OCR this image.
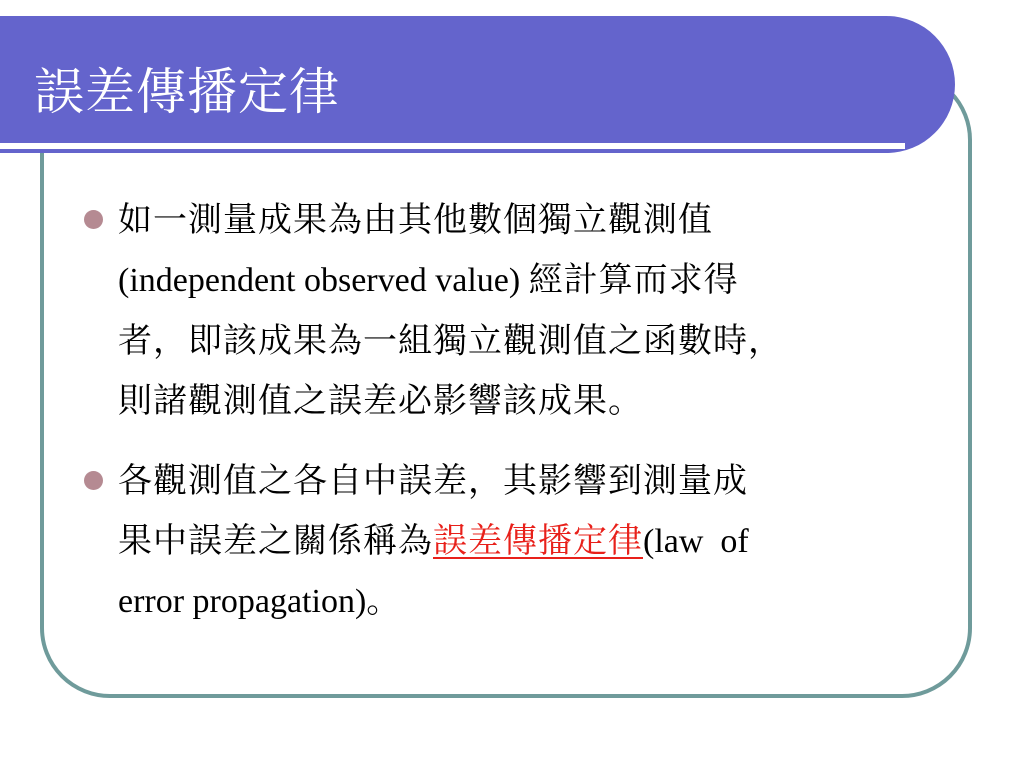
誤差傳播定律
如一測量成果為由其他數個獨立觀測值
(independent observed value) 經計算而求得
者，即該成果為一組獨立觀測值之函數時，
則諸觀測值之誤差必影響該成果。
各觀測值之各自中誤差，其影響到測量成
果中誤差之關係稱為誤差傳播定律(law  of
error propagation)。
